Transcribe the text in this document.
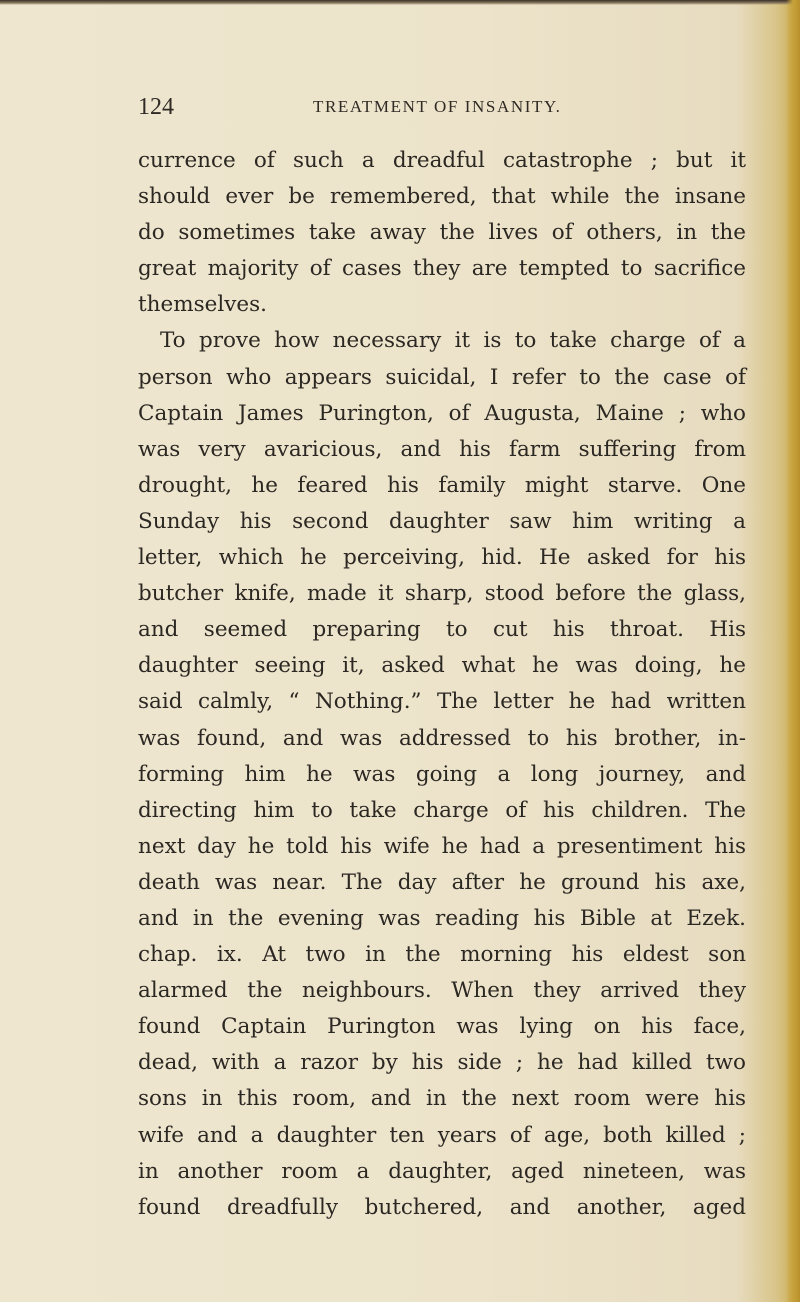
124	TREATMENT OF INSANITY.
currence of such a dreadful catastrophe ; but it
should ever be remembered, that while the insane
do sometimes take away the lives of others, in the
great majority of cases they are tempted to sacrifice
themselves.
To prove how necessary it is to take charge of a
person who appears suicidal, I refer to the case of
Captain James Purington, of Augusta, Maine ; who
was very avaricious, and his farm suffering from
drought, he feared his family might starve. One
Sunday his second daughter saw him writing a
letter, which he perceiving, hid. He asked for his
butcher knife, made it sharp, stood before the glass,
and seemed preparing to cut his throat. His
daughter seeing it, asked what he was doing, he
said calmly, “ Nothing.” The letter he had written
was found, and was addressed to his brother, in-
forming him he was going a long journey, and
directing him to take charge of his children. The
next day he told his wife he had a presentiment his
death was near. The day after he ground his axe,
and in the evening was reading his Bible at Ezek.
chap. ix. At two in the morning his eldest son
alarmed the neighbours. When they arrived they
found Captain Purington was lying on his face,
dead, with a razor by his side ; he had killed two
sons in this room, and in the next room were his
wife and a daughter ten years of age, both killed ;
in another room a daughter, aged nineteen, was
found dreadfully butchered, and another, aged
